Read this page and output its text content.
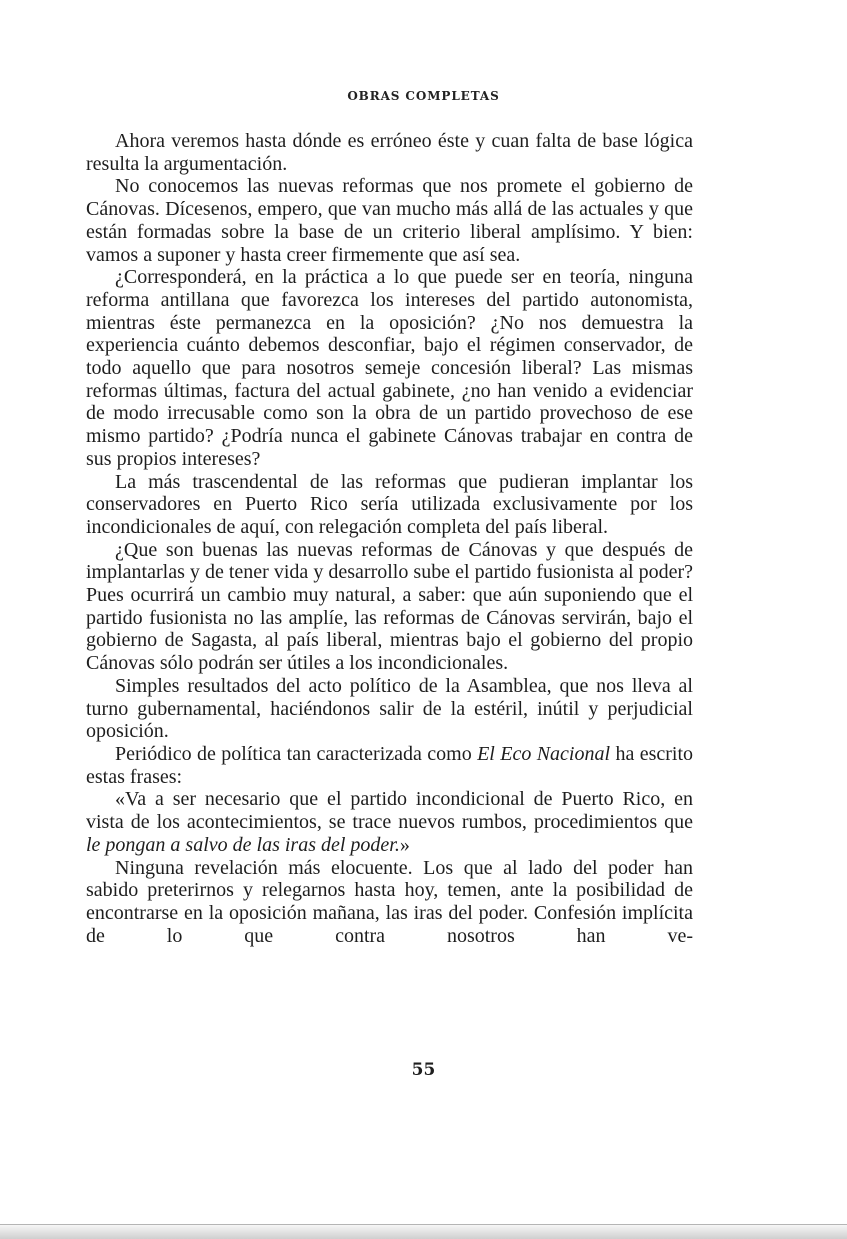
OBRAS COMPLETAS

Ahora veremos hasta dónde es erróneo éste y cuan falta de base lógica resulta la argumentación.

No conocemos las nuevas reformas que nos promete el gobierno de Cánovas. Dícesenos, empero, que van mucho más allá de las actuales y que están formadas sobre la base de un criterio liberal amplísimo. Y bien: vamos a suponer y hasta creer firmemente que así sea.

¿Corresponderá, en la práctica a lo que puede ser en teoría, ninguna reforma antillana que favorezca los intereses del partido autonomista, mientras éste permanezca en la oposición? ¿No nos demuestra la experiencia cuánto debemos desconfiar, bajo el régimen conservador, de todo aquello que para nosotros semeje concesión liberal? Las mismas reformas últimas, factura del actual gabinete, ¿no han venido a evidenciar de modo irrecusable como son la obra de un partido provechoso de ese mismo partido? ¿Podría nunca el gabinete Cánovas trabajar en contra de sus propios intereses?

La más trascendental de las reformas que pudieran implantar los conservadores en Puerto Rico sería utilizada exclusivamente por los incondicionales de aquí, con relegación completa del país liberal.

¿Que son buenas las nuevas reformas de Cánovas y que después de implantarlas y de tener vida y desarrollo sube el partido fusionista al poder? Pues ocurrirá un cambio muy natural, a saber: que aún suponiendo que el partido fusionista no las amplíe, las reformas de Cánovas servirán, bajo el gobierno de Sagasta, al país liberal, mientras bajo el gobierno del propio Cánovas sólo podrán ser útiles a los incondicionales.

Simples resultados del acto político de la Asamblea, que nos lleva al turno gubernamental, haciéndonos salir de la estéril, inútil y perjudicial oposición.

Periódico de política tan caracterizada como El Eco Nacional ha escrito estas frases:

«Va a ser necesario que el partido incondicional de Puerto Rico, en vista de los acontecimientos, se trace nuevos rumbos, procedimientos que le pongan a salvo de las iras del poder.»

Ninguna revelación más elocuente. Los que al lado del poder han sabido preterirnos y relegarnos hasta hoy, temen, ante la posibilidad de encontrarse en la oposición mañana, las iras del poder. Confesión implícita de lo que contra nosotros han ve-

55
